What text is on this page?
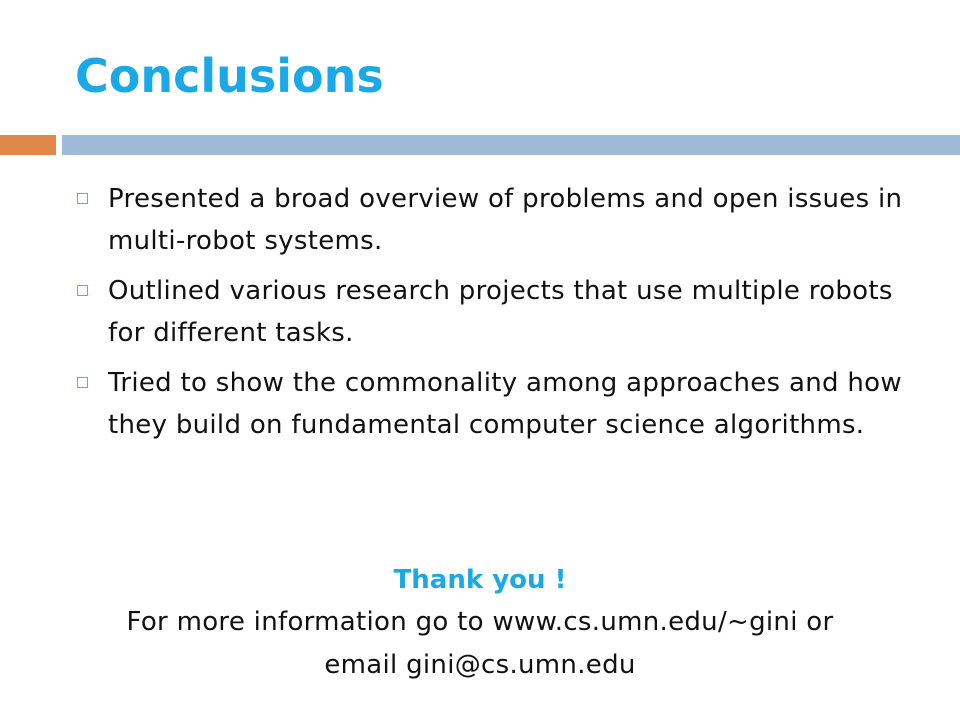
Conclusions
Presented a broad overview of problems and open issues in multi-robot systems.
Outlined various research projects that use multiple robots for different tasks.
Tried to show the commonality among approaches and how they build on fundamental computer science algorithms.
Thank you !
For more information go to www.cs.umn.edu/~gini or
email gini@cs.umn.edu
